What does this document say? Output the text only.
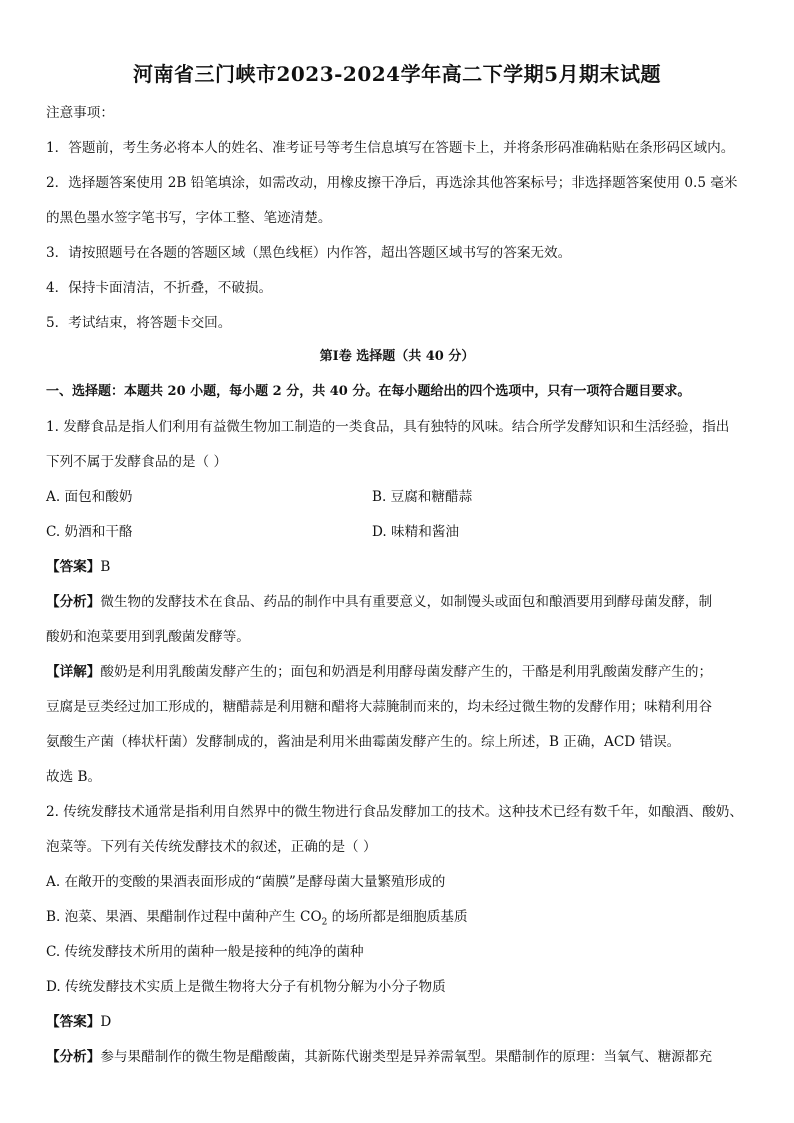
河南省三门峡市2023-2024学年高二下学期5月期末试题
注意事项：
1．答题前，考生务必将本人的姓名、准考证号等考生信息填写在答题卡上，并将条形码准确粘贴在条形码区域内。
2．选择题答案使用 2B 铅笔填涂，如需改动，用橡皮擦干净后，再选涂其他答案标号；非选择题答案使用 0.5 毫米
的黑色墨水签字笔书写，字体工整、笔迹清楚。
3．请按照题号在各题的答题区域（黑色线框）内作答，超出答题区域书写的答案无效。
4．保持卡面清洁，不折叠，不破损。
5．考试结束，将答题卡交回。
第Ⅰ卷 选择题（共 40 分）
一、选择题：本题共 20 小题，每小题 2 分，共 40 分。在每小题给出的四个选项中，只有一项符合题目要求。
1. 发酵食品是指人们利用有益微生物加工制造的一类食品，具有独特的风味。结合所学发酵知识和生活经验，指出
下列不属于发酵食品的是（ ）
A. 面包和酸奶	B. 豆腐和糖醋蒜
C. 奶酒和干酪	D. 味精和酱油
【答案】B
【分析】微生物的发酵技术在食品、药品的制作中具有重要意义，如制馒头或面包和酿酒要用到酵母菌发酵，制
酸奶和泡菜要用到乳酸菌发酵等。
【详解】酸奶是利用乳酸菌发酵产生的；面包和奶酒是利用酵母菌发酵产生的，干酪是利用乳酸菌发酵产生的；
豆腐是豆类经过加工形成的，糖醋蒜是利用糖和醋将大蒜腌制而来的，均未经过微生物的发酵作用；味精利用谷
氨酸生产菌（棒状杆菌）发酵制成的，酱油是利用米曲霉菌发酵产生的。综上所述，B 正确，ACD 错误。
故选 B。
2. 传统发酵技术通常是指利用自然界中的微生物进行食品发酵加工的技术。这种技术已经有数千年，如酿酒、酸奶、
泡菜等。下列有关传统发酵技术的叙述，正确的是（ ）
A. 在敞开的变酸的果酒表面形成的“菌膜”是酵母菌大量繁殖形成的
B. 泡菜、果酒、果醋制作过程中菌种产生 $CO_2$ 的场所都是细胞质基质
C. 传统发酵技术所用的菌种一般是接种的纯净的菌种
D. 传统发酵技术实质上是微生物将大分子有机物分解为小分子物质
【答案】D
【分析】参与果醋制作的微生物是醋酸菌，其新陈代谢类型是异养需氧型。果醋制作的原理：当氧气、糖源都充
